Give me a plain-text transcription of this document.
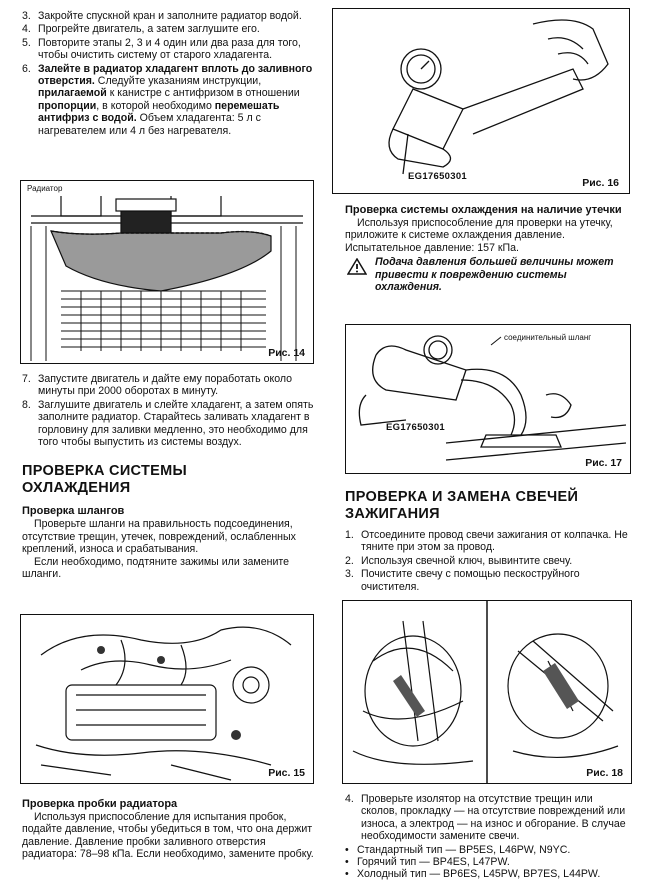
3. Закройте спускной кран и заполните радиатор водой.
4. Прогрейте двигатель, а затем заглушите его.
5. Повторите этапы 2, 3 и 4 один или два раза для того, чтобы очистить систему от старого хладагента.
6. Залейте в радиатор хладагент вплоть до заливного отверстия. Следуйте указаниям инструкции, прилагаемой к канистре с антифризом в отношении пропорции, в которой необходимо перемешать антифриз с водой. Объем хладагента: 5 л с нагревателем или 4 л без нагревателя.
Радиатор
Рис. 14
7. Запустите двигатель и дайте ему поработать около минуты при 2000 оборотах в минуту.
8. Заглушите двигатель и слейте хладагент, а затем опять заполните радиатор. Старайтесь заливать хладагент в горловину для заливки медленно, это необходимо для того чтобы выпустить из системы воздух.
ПРОВЕРКА СИСТЕМЫ
ОХЛАЖДЕНИЯ
Проверка шлангов

Проверьте шланги на правильность подсоединения, отсутствие трещин, утечек, повреждений, ослабленных креплений, износа и срабатывания.

Если необходимо, подтяните зажимы или замените шланги.

Рис. 15
Проверка пробки радиатора

Используя приспособление для испытания пробок, подайте давление, чтобы убедиться в том, что она держит давление. Давление пробки заливного отверстия радиатора: 78–98 кПа. Если необходимо, замените пробку.

EG17650301
Рис. 16
Проверка системы охлаждения на наличие утечки

Используя приспособление для проверки на утечку, приложите к системе охлаждения давление. Испытательное давление: 157 кПа.

Подача давления большей величины может привести к повреждению системы охлаждения.
соединительный шланг
EG17650301
Рис. 17
ПРОВЕРКА И ЗАМЕНА СВЕЧЕЙ
ЗАЖИГАНИЯ
1. Отсоедините провод свечи зажигания от колпачка. Не тяните при этом за провод.
2. Используя свечной ключ, вывинтите свечу.
3. Почистите свечу с помощью пескоструйного очистителя.
Рис. 18
4. Проверьте изолятор на отсутствие трещин или сколов, прокладку — на отсутствие повреждений или износа, а электрод — на износ и обгорание. В случае необходимости замените свечи.
• Стандартный тип — BP5ES, L46PW, N9YC.
• Горячий тип — BP4ES, L47PW.
• Холодный тип — BP6ES, L45PW, BP7ES, L44PW.
